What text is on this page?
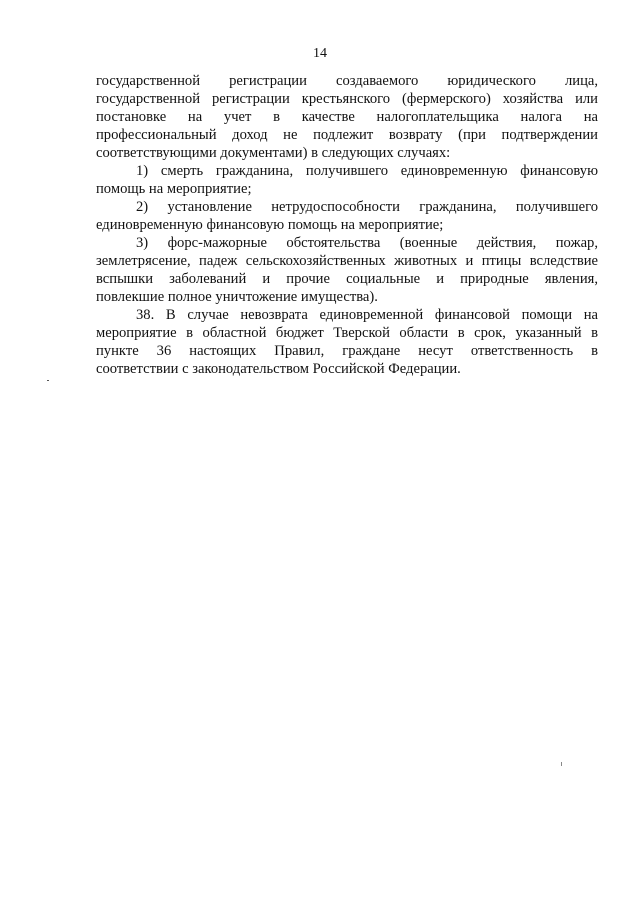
14
государственной регистрации создаваемого юридического лица,
государственной регистрации крестьянского (фермерского) хозяйства или
постановке на учет в качестве налогоплательщика налога на
профессиональный доход не подлежит возврату (при подтверждении
соответствующими документами) в следующих случаях:
1) смерть гражданина, получившего единовременную финансовую
помощь на мероприятие;
2) установление нетрудоспособности гражданина, получившего
единовременную финансовую помощь на мероприятие;
3) форс-мажорные обстоятельства (военные действия, пожар,
землетрясение, падеж сельскохозяйственных животных и птицы вследствие
вспышки заболеваний и прочие социальные и природные явления,
повлекшие полное уничтожение имущества).
38. В случае невозврата единовременной финансовой помощи на
мероприятие в областной бюджет Тверской области в срок, указанный в
пункте 36 настоящих Правил, граждане несут ответственность в
соответствии с законодательством Российской Федерации.
